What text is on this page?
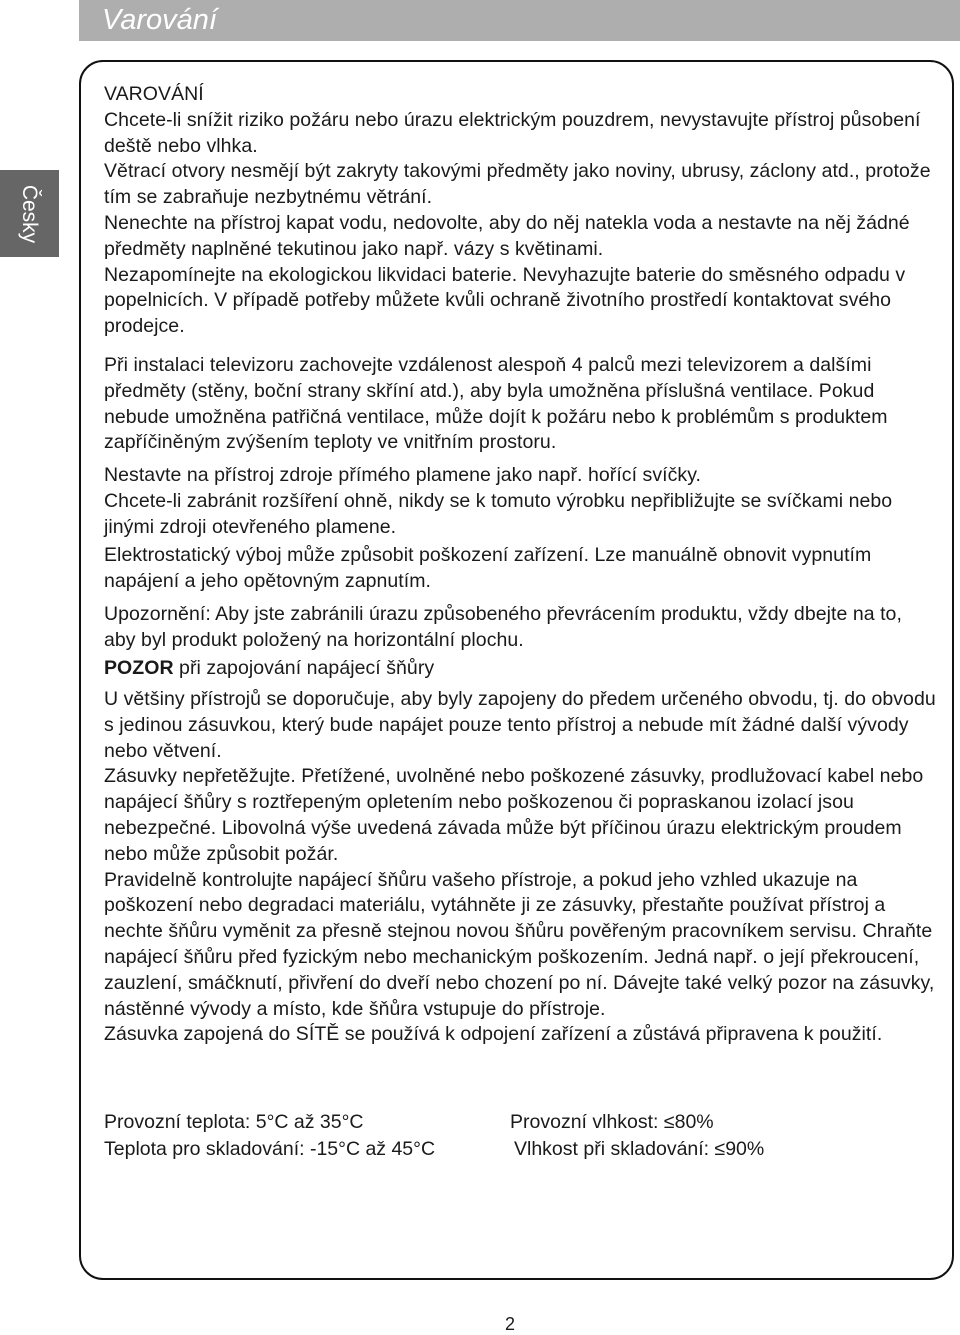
Varování
Česky

VAROVÁNÍ

Chcete-li snížit riziko požáru nebo úrazu elektrickým pouzdrem, nevystavujte přístroj působení deště nebo vlhka.

Větrací otvory nesmějí být zakryty takovými předměty jako noviny, ubrusy, záclony atd., protože tím se zabraňuje nezbytnému větrání.

Nenechte na přístroj kapat vodu, nedovolte, aby do něj natekla voda a nestavte na něj žádné předměty naplněné tekutinou jako např. vázy s květinami.

Nezapomínejte na ekologickou likvidaci baterie. Nevyhazujte baterie do směsného odpadu v popelnicích. V případě potřeby můžete kvůli ochraně životního prostředí kontaktovat svého prodejce.

Při instalaci televizoru zachovejte vzdálenost alespoň 4 palců mezi televizorem a dalšími předměty (stěny, boční strany skříní atd.), aby byla umožněna příslušná ventilace. Pokud nebude umožněna patřičná ventilace, může dojít k požáru nebo k problémům s produktem zapříčiněným zvýšením teploty ve vnitřním prostoru.

Nestavte na přístroj zdroje přímého plamene jako např. hořící svíčky.

Chcete-li zabránit rozšíření ohně, nikdy se k tomuto výrobku nepřibližujte se svíčkami nebo jinými zdroji otevřeného plamene.

Elektrostatický výboj může způsobit poškození zařízení. Lze manuálně obnovit vypnutím napájení a jeho opětovným zapnutím.

Upozornění: Aby jste zabránili úrazu způsobeného převrácením produktu, vždy dbejte na to, aby byl produkt položený na horizontální plochu.

POZOR při zapojování napájecí šňůry

U většiny přístrojů se doporučuje, aby byly zapojeny do předem určeného obvodu, tj. do obvodu s jedinou zásuvkou, který bude napájet pouze tento přístroj a nebude mít žádné další vývody nebo větvení.

Zásuvky nepřetěžujte. Přetížené, uvolněné nebo poškozené zásuvky, prodlužovací kabel nebo napájecí šňůry s roztřepeným opletením nebo poškozenou či popraskanou izolací jsou nebezpečné. Libovolná výše uvedená závada může být příčinou úrazu elektrickým proudem nebo může způsobit požár.

Pravidelně kontrolujte napájecí šňůru vašeho přístroje, a pokud jeho vzhled ukazuje na poškození nebo degradaci materiálu, vytáhněte ji ze zásuvky, přestaňte používat přístroj a nechte šňůru vyměnit za přesně stejnou novou šňůru pověřeným pracovníkem servisu. Chraňte napájecí šňůru před fyzickým nebo mechanickým poškozením. Jedná např. o její překroucení, zauzlení, smáčknutí, přivření do dveří nebo chození po ní. Dávejte také velký pozor na zásuvky, nástěnné vývody a místo, kde šňůra vstupuje do přístroje.

Zásuvka zapojená do SÍTĚ se používá k odpojení zařízení a zůstává připravena k použití.

Provozní teplota: 5°C až 35°C	Provozní vlhkost: ≤80%
Teplota pro skladování: -15°C až 45°C	Vlhkost při skladování: ≤90%
2
